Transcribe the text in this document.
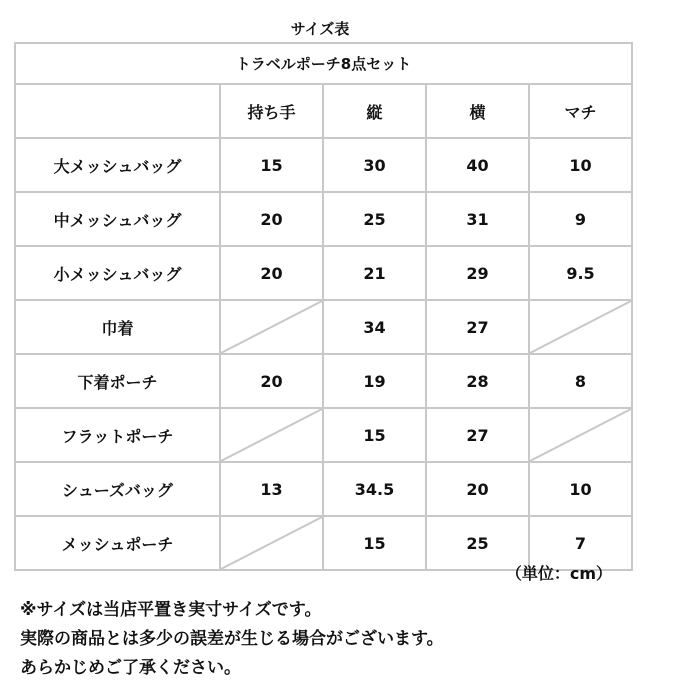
サイズ表
トラベルポーチ8点セット				
	持ち手	縦	横	マチ
大メッシュバッグ	15	30	40	10
中メッシュバッグ	20	25	31	9
小メッシュバッグ	20	21	29	9.5
巾着		34	27	

下着ポーチ	20	19	28	8
フラットポーチ		15	27	

シューズバッグ	13	34.5	20	10
メッシュポーチ		15	25	7
（単位：cm）
※サイズは当店平置き実寸サイズです。
実際の商品とは多少の誤差が生じる場合がございます。
あらかじめご了承ください。
